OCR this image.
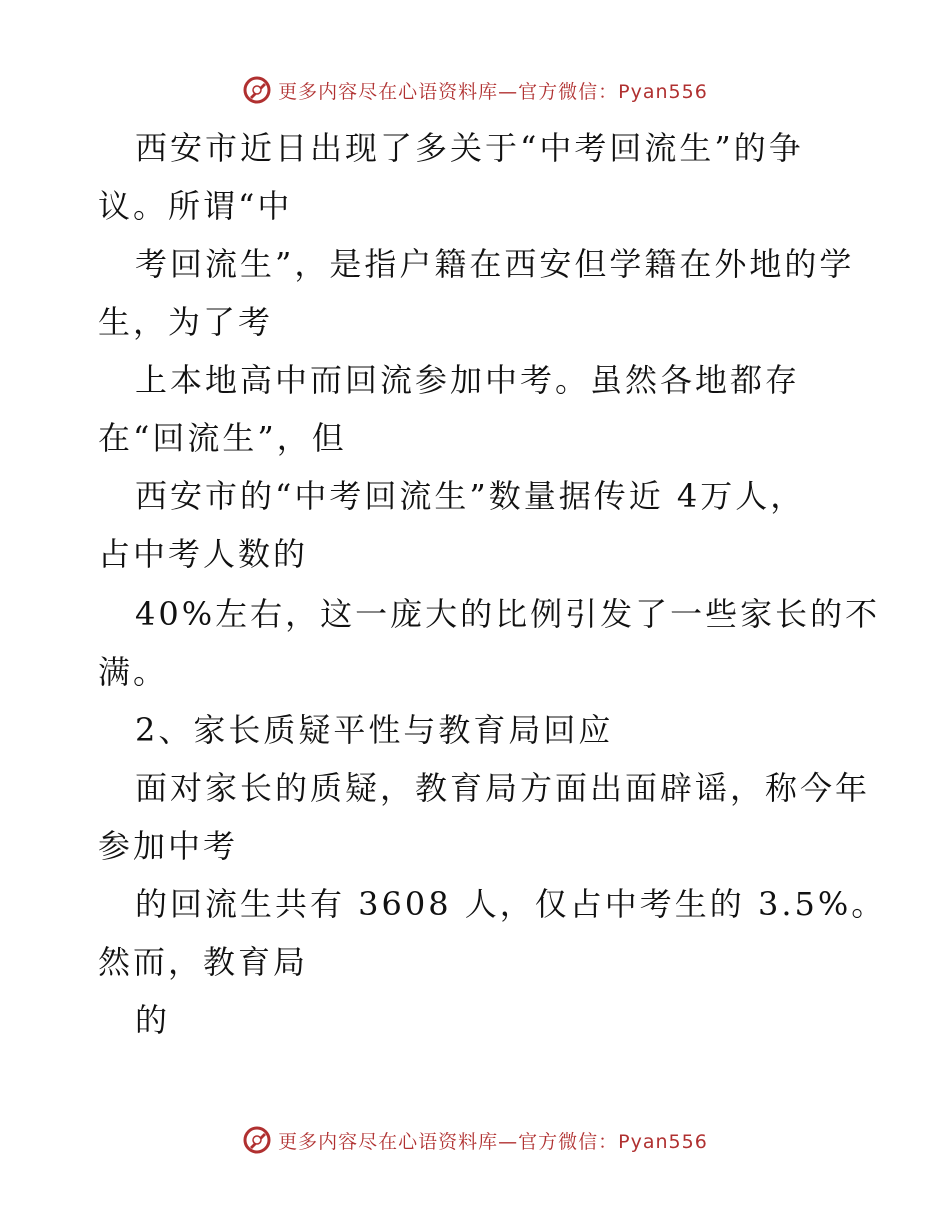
更多内容尽在心语资料库—官方微信：Pyan556

西安市近日出现了多关于“中考回流生”的争

议。所谓“中

考回流生”，是指户籍在西安但学籍在外地的学

生，为了考

上本地高中而回流参加中考。虽然各地都存

在“回流生”，但

西安市的“中考回流生”数量据传近 4万人，

占中考人数的

40%左右，这一庞大的比例引发了一些家长的不

满。

2、家长质疑平性与教育局回应

面对家长的质疑，教育局方面出面辟谣，称今年

参加中考

的回流生共有 3608 人，仅占中考生的 3.5%。

然而，教育局

的

更多内容尽在心语资料库—官方微信：Pyan556
